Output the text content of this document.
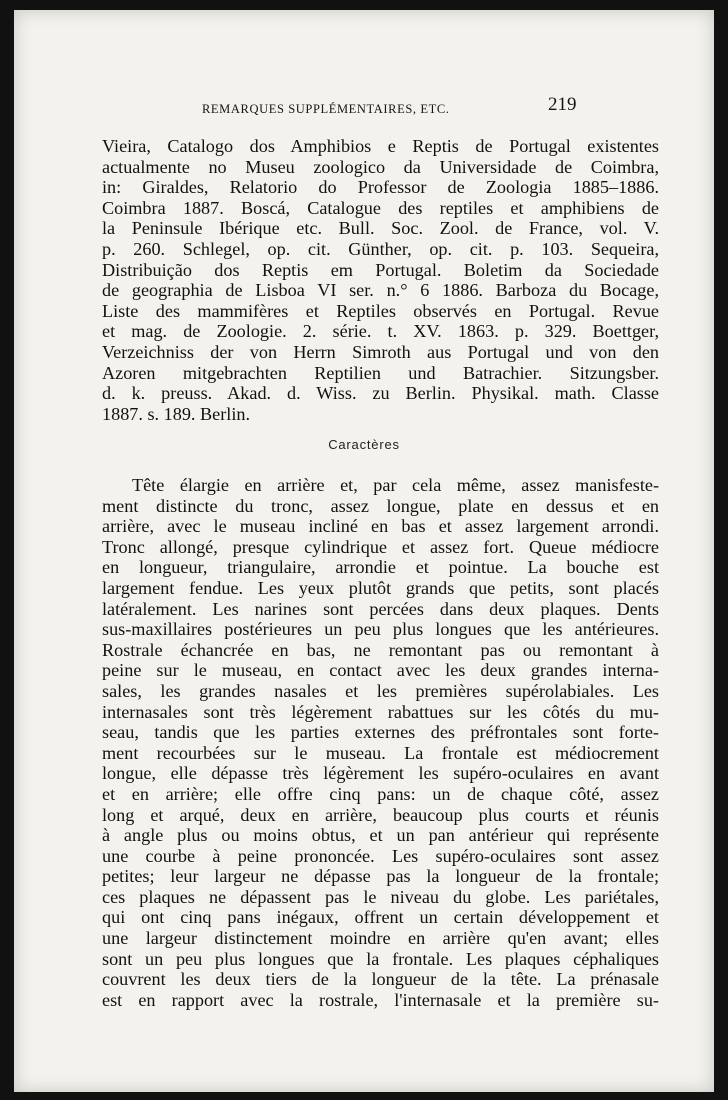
REMARQUES SUPPLÉMENTAIRES, ETC.	219
Vieira, Catalogo dos Amphibios e Reptis de Portugal existentes
actualmente no Museu zoologico da Universidade de Coimbra,
in: Giraldes, Relatorio do Professor de Zoologia 1885–1886.
Coimbra 1887. Boscá, Catalogue des reptiles et amphibiens de
la Peninsule Ibérique etc. Bull. Soc. Zool. de France, vol. V.
p. 260. Schlegel, op. cit. Günther, op. cit. p. 103. Sequeira,
Distribuição dos Reptis em Portugal. Boletim da Sociedade
de geographia de Lisboa VI ser. n.° 6 1886. Barboza du Bocage,
Liste des mammifères et Reptiles observés en Portugal. Revue
et mag. de Zoologie. 2. série. t. XV. 1863. p. 329. Boettger,
Verzeichniss der von Herrn Simroth aus Portugal und von den
Azoren mitgebrachten Reptilien und Batrachier. Sitzungsber.
d. k. preuss. Akad. d. Wiss. zu Berlin. Physikal. math. Classe
1887. s. 189. Berlin.
Caractères
Tête élargie en arrière et, par cela même, assez manisfeste-
ment distincte du tronc, assez longue, plate en dessus et en
arrière, avec le museau incliné en bas et assez largement arrondi.
Tronc allongé, presque cylindrique et assez fort. Queue médiocre
en longueur, triangulaire, arrondie et pointue. La bouche est
largement fendue. Les yeux plutôt grands que petits, sont placés
latéralement. Les narines sont percées dans deux plaques. Dents
sus-maxillaires postérieures un peu plus longues que les antérieures.
Rostrale échancrée en bas, ne remontant pas ou remontant à
peine sur le museau, en contact avec les deux grandes interna-
sales, les grandes nasales et les premières supérolabiales. Les
internasales sont très légèrement rabattues sur les côtés du mu-
seau, tandis que les parties externes des préfrontales sont forte-
ment recourbées sur le museau. La frontale est médiocrement
longue, elle dépasse très légèrement les supéro-oculaires en avant
et en arrière; elle offre cinq pans: un de chaque côté, assez
long et arqué, deux en arrière, beaucoup plus courts et réunis
à angle plus ou moins obtus, et un pan antérieur qui représente
une courbe à peine prononcée. Les supéro-oculaires sont assez
petites; leur largeur ne dépasse pas la longueur de la frontale;
ces plaques ne dépassent pas le niveau du globe. Les pariétales,
qui ont cinq pans inégaux, offrent un certain développement et
une largeur distinctement moindre en arrière qu'en avant; elles
sont un peu plus longues que la frontale. Les plaques céphaliques
couvrent les deux tiers de la longueur de la tête. La prénasale
est en rapport avec la rostrale, l'internasale et la première su-
